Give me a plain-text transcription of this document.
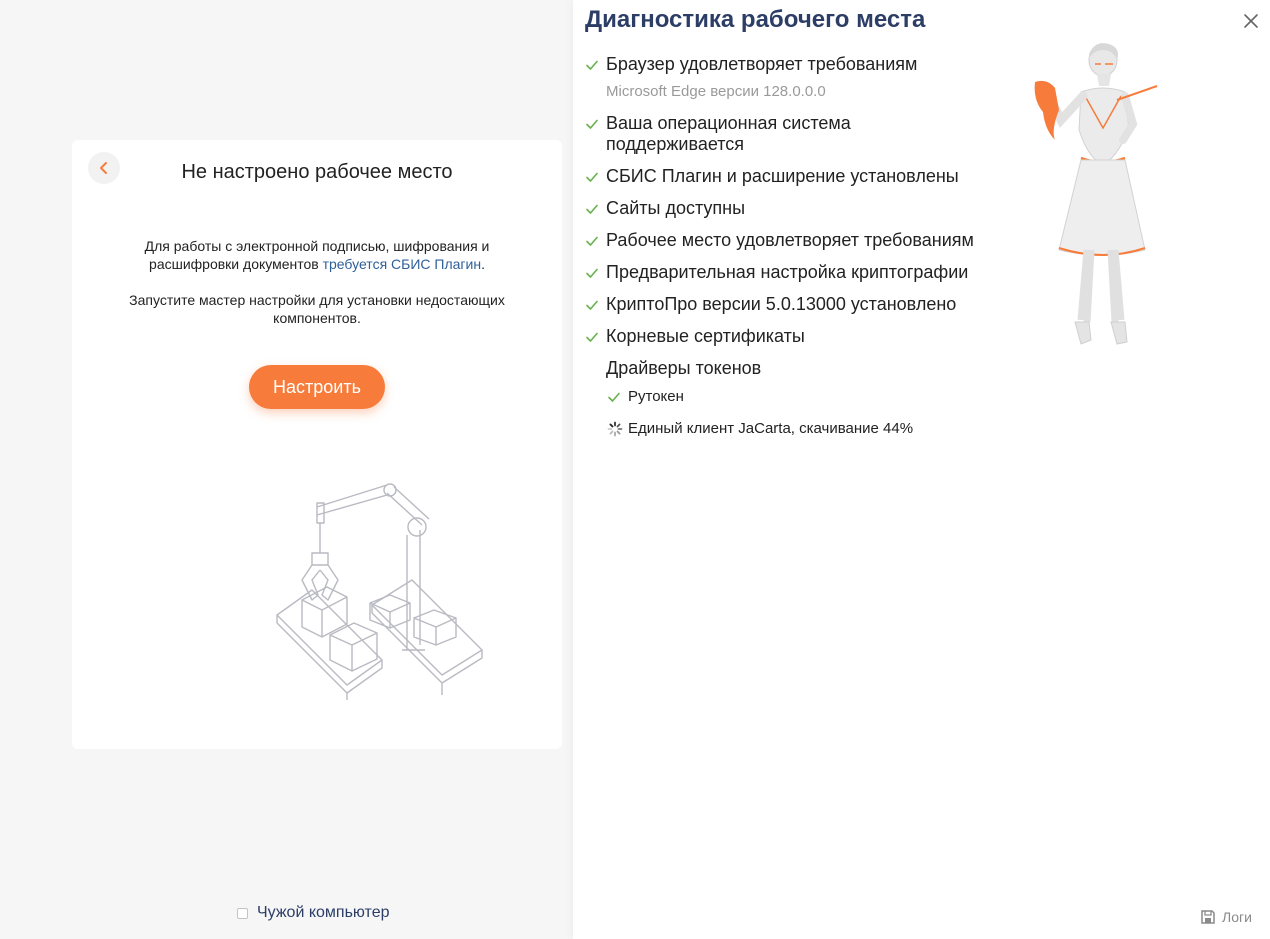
Не настроено рабочее место
Для работы с электронной подписью, шифрования и расшифровки документов требуется СБИС Плагин.
Запустите мастер настройки для установки недостающих компонентов.
Настроить
Чужой компьютер
Диагностика рабочего места
Браузер удовлетворяет требованиям
Microsoft Edge версии 128.0.0.0
Ваша операционная система поддерживается
СБИС Плагин и расширение установлены
Сайты доступны
Рабочее место удовлетворяет требованиям
Предварительная настройка криптографии
КриптоПро версии 5.0.13000 установлено
Корневые сертификаты
Драйверы токенов
Рутокен
Единый клиент JaCarta, скачивание 44%
Логи
